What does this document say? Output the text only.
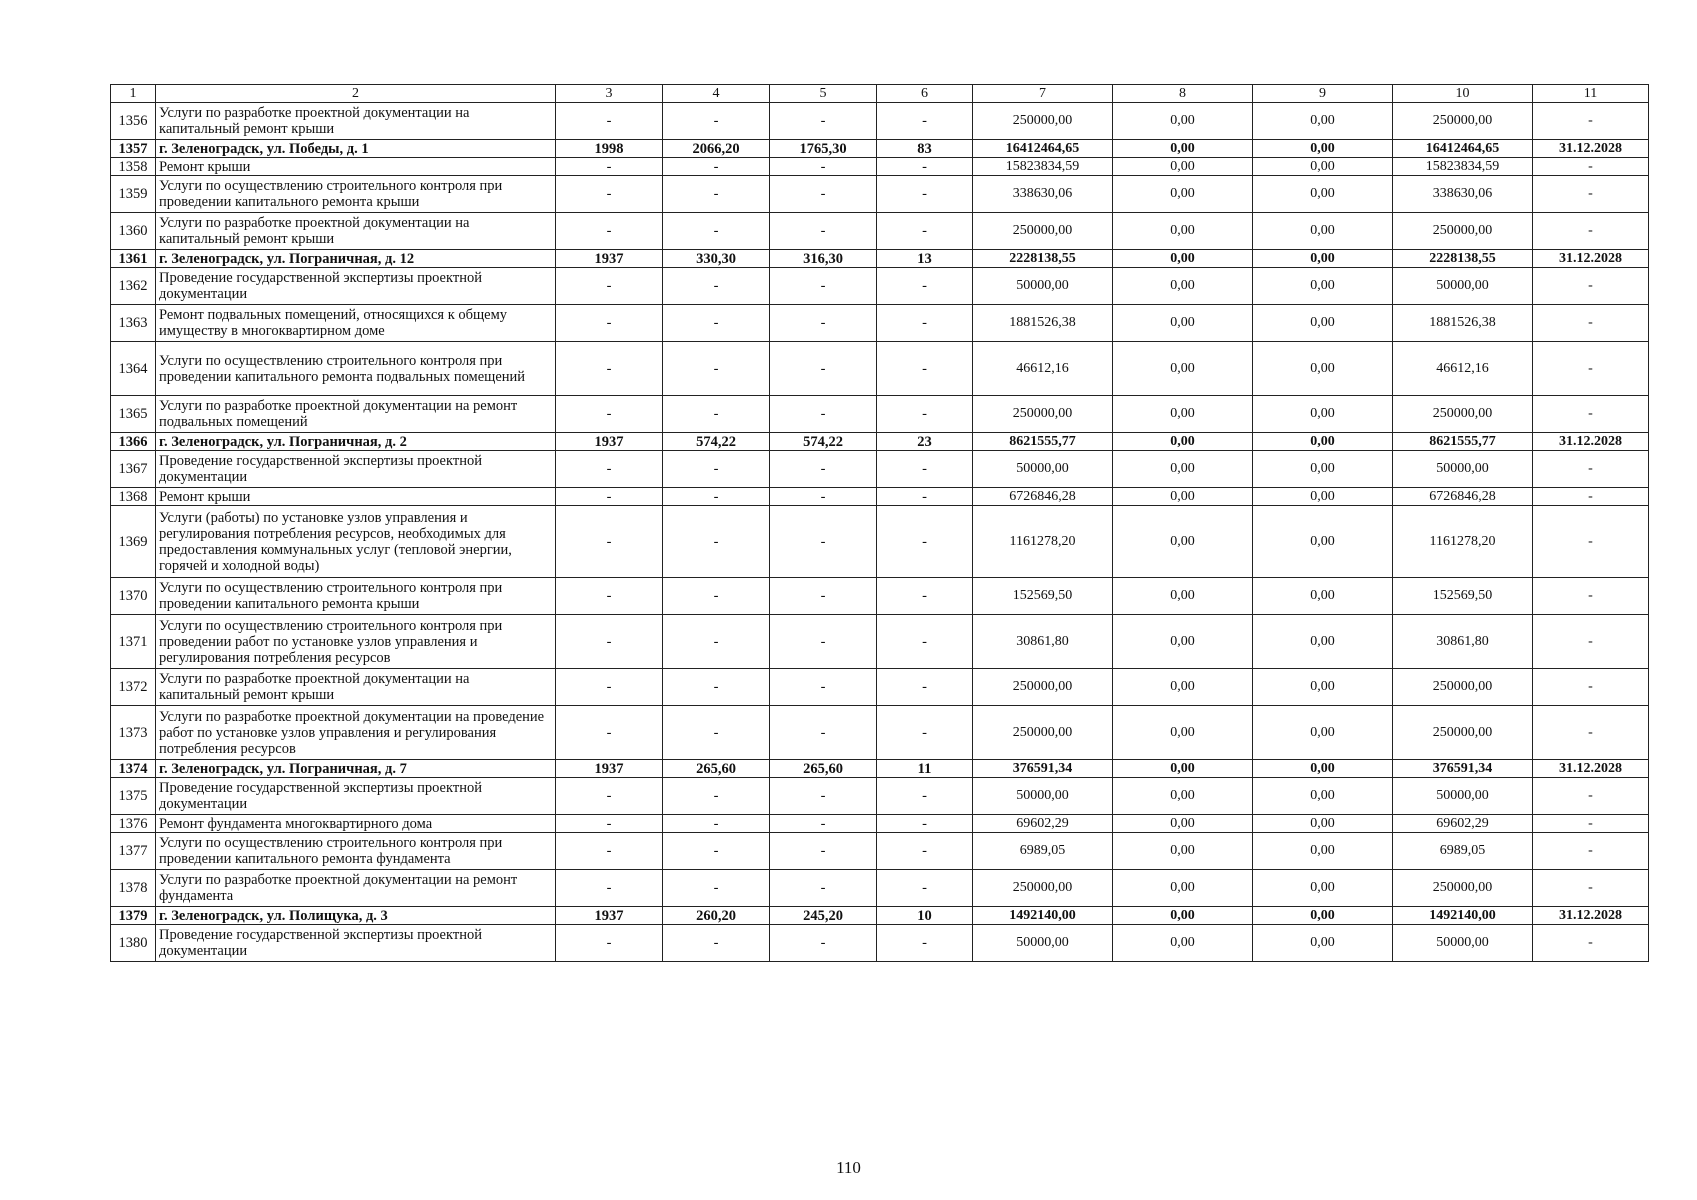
1	2	3	4	5	6	7	8	9	10	11
1356	Услуги по разработке проектной документации на капитальный ремонт крыши	-	-	-	-	250000,00	0,00	0,00	250000,00	-
1357	г. Зеленоградск, ул. Победы, д. 1	1998	2066,20	1765,30	83	16412464,65	0,00	0,00	16412464,65	31.12.2028
1358	Ремонт крыши	-	-	-	-	15823834,59	0,00	0,00	15823834,59	-
1359	Услуги по осуществлению строительного контроля при проведении капитального ремонта крыши	-	-	-	-	338630,06	0,00	0,00	338630,06	-
1360	Услуги по разработке проектной документации на капитальный ремонт крыши	-	-	-	-	250000,00	0,00	0,00	250000,00	-
1361	г. Зеленоградск, ул. Пограничная, д. 12	1937	330,30	316,30	13	2228138,55	0,00	0,00	2228138,55	31.12.2028
1362	Проведение государственной экспертизы проектной документации	-	-	-	-	50000,00	0,00	0,00	50000,00	-
1363	Ремонт подвальных помещений, относящихся к общему имуществу в многоквартирном доме	-	-	-	-	1881526,38	0,00	0,00	1881526,38	-
1364	Услуги по осуществлению строительного контроля при проведении капитального ремонта подвальных помещений	-	-	-	-	46612,16	0,00	0,00	46612,16	-
1365	Услуги по разработке проектной документации на ремонт подвальных помещений	-	-	-	-	250000,00	0,00	0,00	250000,00	-
1366	г. Зеленоградск, ул. Пограничная, д. 2	1937	574,22	574,22	23	8621555,77	0,00	0,00	8621555,77	31.12.2028
1367	Проведение государственной экспертизы проектной документации	-	-	-	-	50000,00	0,00	0,00	50000,00	-
1368	Ремонт крыши	-	-	-	-	6726846,28	0,00	0,00	6726846,28	-
1369	Услуги (работы) по установке узлов управления и регулирования потребления ресурсов, необходимых для предоставления коммунальных услуг (тепловой энергии, горячей и холодной воды)	-	-	-	-	1161278,20	0,00	0,00	1161278,20	-
1370	Услуги по осуществлению строительного контроля при проведении капитального ремонта крыши	-	-	-	-	152569,50	0,00	0,00	152569,50	-
1371	Услуги по осуществлению строительного контроля при проведении работ по установке узлов управления и регулирования потребления ресурсов	-	-	-	-	30861,80	0,00	0,00	30861,80	-
1372	Услуги по разработке проектной документации на капитальный ремонт крыши	-	-	-	-	250000,00	0,00	0,00	250000,00	-
1373	Услуги по разработке проектной документации на проведение работ по установке узлов управления и регулирования потребления ресурсов	-	-	-	-	250000,00	0,00	0,00	250000,00	-
1374	г. Зеленоградск, ул. Пограничная, д. 7	1937	265,60	265,60	11	376591,34	0,00	0,00	376591,34	31.12.2028
1375	Проведение государственной экспертизы проектной документации	-	-	-	-	50000,00	0,00	0,00	50000,00	-
1376	Ремонт фундамента многоквартирного дома	-	-	-	-	69602,29	0,00	0,00	69602,29	-
1377	Услуги по осуществлению строительного контроля при проведении капитального ремонта фундамента	-	-	-	-	6989,05	0,00	0,00	6989,05	-
1378	Услуги по разработке проектной документации на ремонт фундамента	-	-	-	-	250000,00	0,00	0,00	250000,00	-
1379	г. Зеленоградск, ул. Полищука, д. 3	1937	260,20	245,20	10	1492140,00	0,00	0,00	1492140,00	31.12.2028
1380	Проведение государственной экспертизы проектной документации	-	-	-	-	50000,00	0,00	0,00	50000,00	-
110
